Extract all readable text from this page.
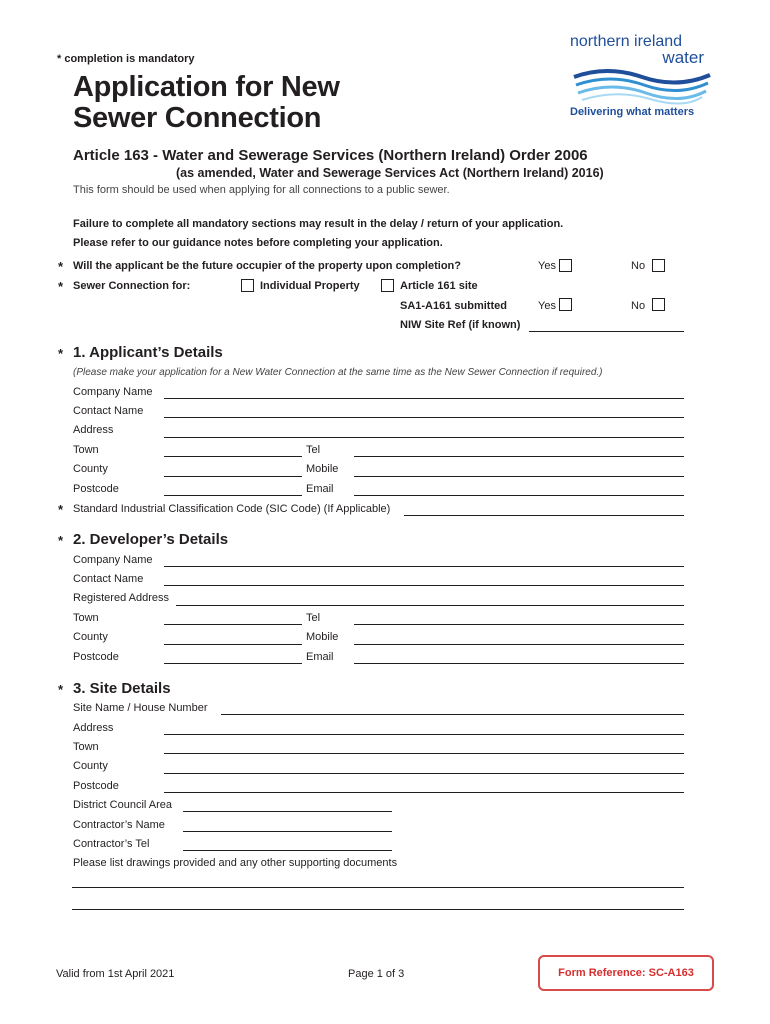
* completion is mandatory
Application for New
Sewer Connection
northern ireland
water
Delivering what matters
Article 163 - Water and Sewerage Services (Northern Ireland) Order 2006
(as amended, Water and Sewerage Services Act (Northern Ireland) 2016)
This form should be used when applying for all connections to a public sewer.
Failure to complete all mandatory sections may result in the delay / return of your application.
Please refer to our guidance notes before completing your application.
* Will the applicant be the future occupier of the property upon completion?	Yes	No
* Sewer Connection for:	Individual Property	Article 161 site
SA1-A161 submitted	Yes	No
NIW Site Ref (if known)
* 1. Applicant’s Details
(Please make your application for a New Water Connection at the same time as the New Sewer Connection if required.)
Company Name
Contact Name
Address
Town	Tel
County	Mobile
Postcode	Email
* Standard Industrial Classification Code (SIC Code) (If Applicable)
* 2. Developer’s Details
Company Name
Contact Name
Registered Address
Town	Tel
County	Mobile
Postcode	Email
* 3. Site Details
Site Name / House Number
Address
Town
County
Postcode
District Council Area
Contractor’s Name
Contractor’s Tel
Please list drawings provided and any other supporting documents
Valid from 1st April 2021	Page 1 of 3	Form Reference: SC-A163
